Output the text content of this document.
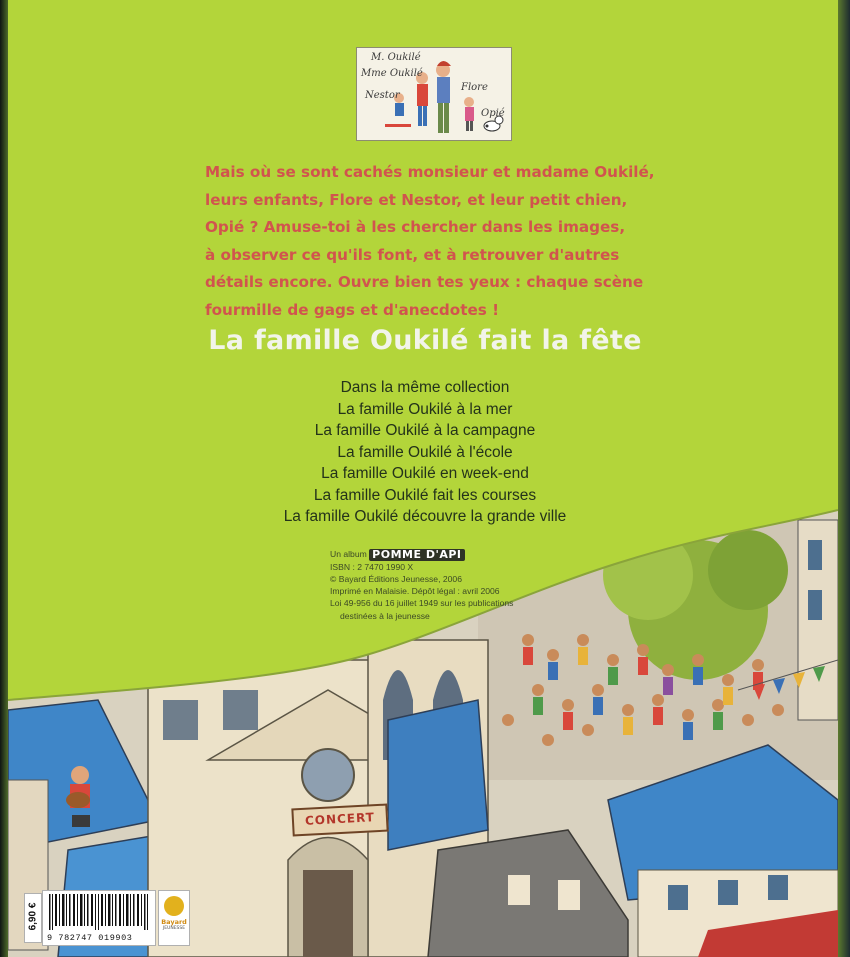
M. Oukilé
Mme Oukilé
Flore
Nestor
Opié
CONCERT

Mais où se sont cachés monsieur et madame Oukilé,
leurs enfants, Flore et Nestor, et leur petit chien,
Opié ? Amuse-toi à les chercher dans les images,
à observer ce qu'ils font, et à retrouver d'autres
détails encore. Ouvre bien tes yeux : chaque scène
fourmille de gags et d'anecdotes !

La famille Oukilé fait la fête
Dans la même collection
La famille Oukilé à la mer
La famille Oukilé à la campagne
La famille Oukilé à l'école
La famille Oukilé en week-end
La famille Oukilé fait les courses
La famille Oukilé découvre la grande ville
Un album POMME D'API
ISBN : 2 7470 1990 X
© Bayard Éditions Jeunesse, 2006
Imprimé en Malaisie. Dépôt légal : avril 2006
Loi 49-956 du 16 juillet 1949 sur les publications
destinées à la jeunesse
6,90 €
9 782747 019903
Bayard
JEUNESSE
